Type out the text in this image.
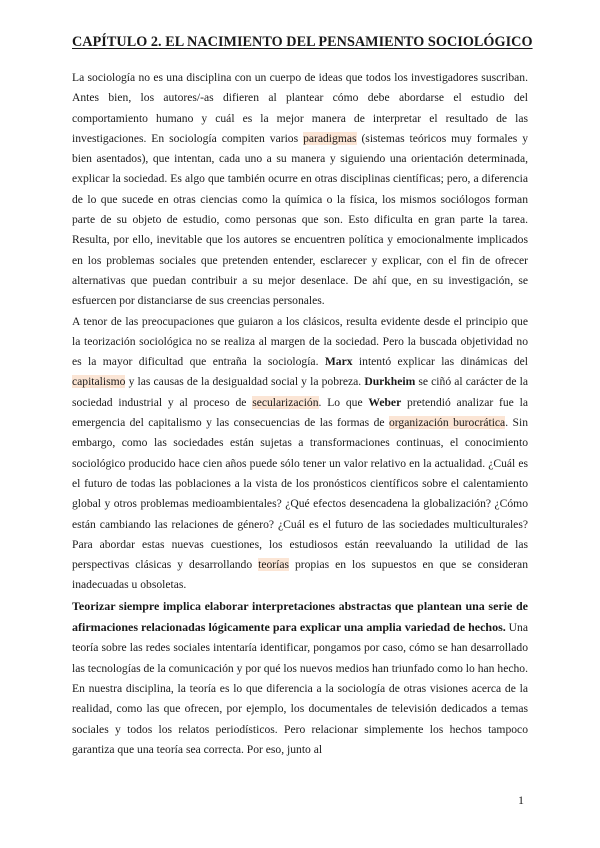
CAPÍTULO 2. EL NACIMIENTO DEL PENSAMIENTO SOCIOLÓGICO

La sociología no es una disciplina con un cuerpo de ideas que todos los investigadores suscriban. Antes bien, los autores/-as difieren al plantear cómo debe abordarse el estudio del comportamiento humano y cuál es la mejor manera de interpretar el resultado de las investigaciones. En sociología compiten varios paradigmas (sistemas teóricos muy formales y bien asentados), que intentan, cada uno a su manera y siguiendo una orientación determinada, explicar la sociedad. Es algo que también ocurre en otras disciplinas científicas; pero, a diferencia de lo que sucede en otras ciencias como la química o la física, los mismos sociólogos forman parte de su objeto de estudio, como personas que son. Esto dificulta en gran parte la tarea. Resulta, por ello, inevitable que los autores se encuentren política y emocionalmente implicados en los problemas sociales que pretenden entender, esclarecer y explicar, con el fin de ofrecer alternativas que puedan contribuir a su mejor desenlace. De ahí que, en su investigación, se esfuercen por distanciarse de sus creencias personales.

A tenor de las preocupaciones que guiaron a los clásicos, resulta evidente desde el principio que la teorización sociológica no se realiza al margen de la sociedad. Pero la buscada objetividad no es la mayor dificultad que entraña la sociología. Marx intentó explicar las dinámicas del capitalismo y las causas de la desigualdad social y la pobreza. Durkheim se ciñó al carácter de la sociedad industrial y al proceso de secularización. Lo que Weber pretendió analizar fue la emergencia del capitalismo y las consecuencias de las formas de organización burocrática. Sin embargo, como las sociedades están sujetas a transformaciones continuas, el conocimiento sociológico producido hace cien años puede sólo tener un valor relativo en la actualidad. ¿Cuál es el futuro de todas las poblaciones a la vista de los pronósticos científicos sobre el calentamiento global y otros problemas medioambientales? ¿Qué efectos desencadena la globalización? ¿Cómo están cambiando las relaciones de género? ¿Cuál es el futuro de las sociedades multiculturales? Para abordar estas nuevas cuestiones, los estudiosos están reevaluando la utilidad de las perspectivas clásicas y desarrollando teorías propias en los supuestos en que se consideran inadecuadas u obsoletas.

Teorizar siempre implica elaborar interpretaciones abstractas que plantean una serie de afirmaciones relacionadas lógicamente para explicar una amplia variedad de hechos. Una teoría sobre las redes sociales intentaría identificar, pongamos por caso, cómo se han desarrollado las tecnologías de la comunicación y por qué los nuevos medios han triunfado como lo han hecho. En nuestra disciplina, la teoría es lo que diferencia a la sociología de otras visiones acerca de la realidad, como las que ofrecen, por ejemplo, los documentales de televisión dedicados a temas sociales y todos los relatos periodísticos. Pero relacionar simplemente los hechos tampoco garantiza que una teoría sea correcta. Por eso, junto al

1
